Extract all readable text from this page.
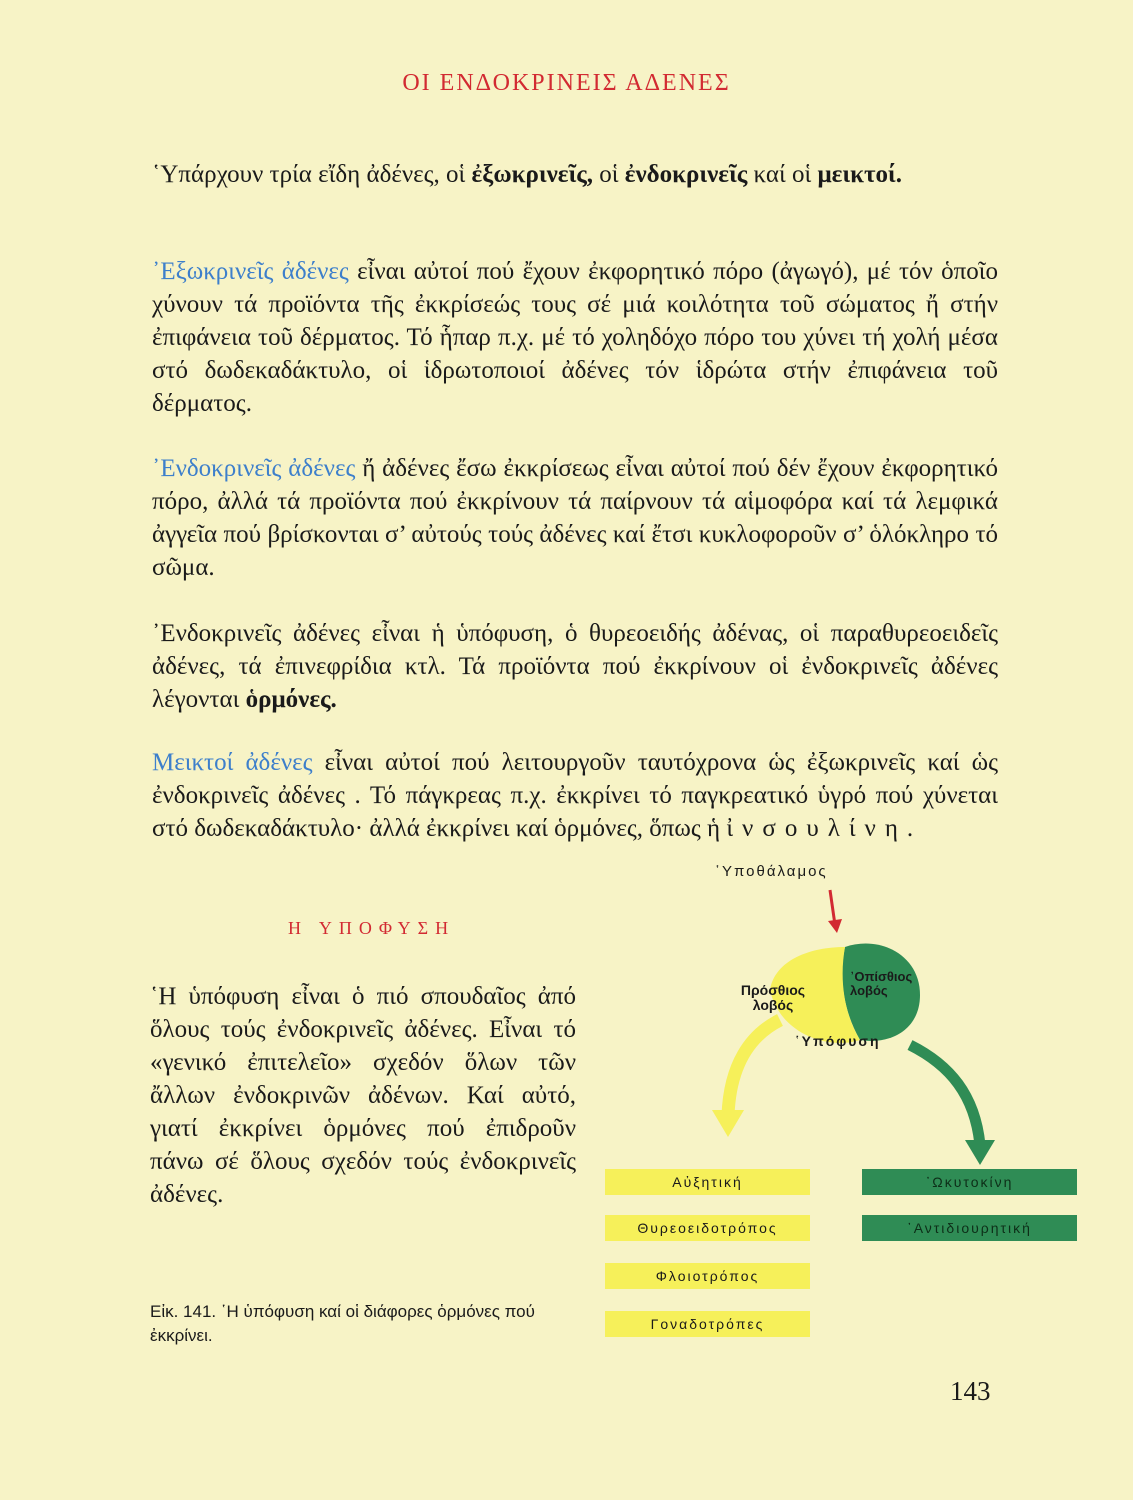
ΟΙ ΕΝΔΟΚΡΙΝΕΙΣ ΑΔΕΝΕΣ

῾Υπάρχουν τρία εἴδη ἀδένες, οἱ ἐξωκρινεῖς, οἱ ἐνδοκρινεῖς καί οἱ μεικτοί.

᾿Εξωκρινεῖς ἀδένες εἶναι αὐτοί πού ἔχουν ἐκφορητικό πόρο (ἀγωγό), μέ τόν ὁποῖο χύνουν τά προϊόντα τῆς ἐκκρίσεώς τους σέ μιά κοιλότητα τοῦ σώματος ἤ στήν ἐπιφάνεια τοῦ δέρματος. Τό ἧπαρ π.χ. μέ τό χοληδόχο πόρο του χύνει τή χολή μέσα στό δωδεκαδάκτυλο, οἱ ἱδρωτοποιοί ἀδένες τόν ἱδρώτα στήν ἐπιφάνεια τοῦ δέρματος.

᾿Ενδοκρινεῖς ἀδένες ἤ ἀδένες ἔσω ἐκκρίσεως εἶναι αὐτοί πού δέν ἔχουν ἐκφορητικό πόρο, ἀλλά τά προϊόντα πού ἐκκρίνουν τά παίρνουν τά αἱμοφόρα καί τά λεμφικά ἀγγεῖα πού βρίσκονται σ’ αὐτούς τούς ἀδένες καί ἔτσι κυκλοφοροῦν σ’ ὁλόκληρο τό σῶμα.

᾿Ενδοκρινεῖς ἀδένες εἶναι ἡ ὑπόφυση, ὁ θυρεοειδής ἀδένας, οἱ παραθυρεοειδεῖς ἀδένες, τά ἐπινεφρίδια κτλ. Τά προϊόντα πού ἐκκρίνουν οἱ ἐνδοκρινεῖς ἀδένες λέγονται ὁρμόνες.

Μεικτοί ἀδένες εἶναι αὐτοί πού λειτουργοῦν ταυτόχρονα ὡς ἐξωκρινεῖς καί ὡς ἐνδοκρινεῖς ἀδένες . Τό πάγκρεας π.χ. ἐκκρίνει τό παγκρεατικό ὑγρό πού χύνεται στό δωδεκαδάκτυλο· ἀλλά ἐκκρίνει καί ὁρμόνες, ὅπως ἡ ἰνσουλίνη.

Η ΥΠΟΦΥΣΗ

῾Η ὑπόφυση εἶναι ὁ πιό σπουδαῖος ἀπό ὅλους τούς ἐνδοκρινεῖς ἀδένες. Εἶναι τό «γενικό ἐπιτελεῖο» σχεδόν ὅλων τῶν ἄλλων ἐνδοκρινῶν ἀδένων. Καί αὐτό, γιατί ἐκκρίνει ὁρμόνες πού ἐπιδροῦν πάνω σέ ὅλους σχεδόν τούς ἐνδοκρινεῖς ἀδένες.

Εἰκ. 141. ῾Η ὑπόφυση καί οἱ διάφορες ὁρμόνες πού ἐκκρίνει.

143
῾Υποθάλαμος
Πρόσθιος λοβός
᾿Οπίσθιος λοβός
῾Υπόφυση
Αὐξητική
Θυρεοειδοτρόπος
Φλοιοτρόπος
Γοναδοτρόπες
᾿Ωκυτοκίνη
᾿Αντιδιουρητική
